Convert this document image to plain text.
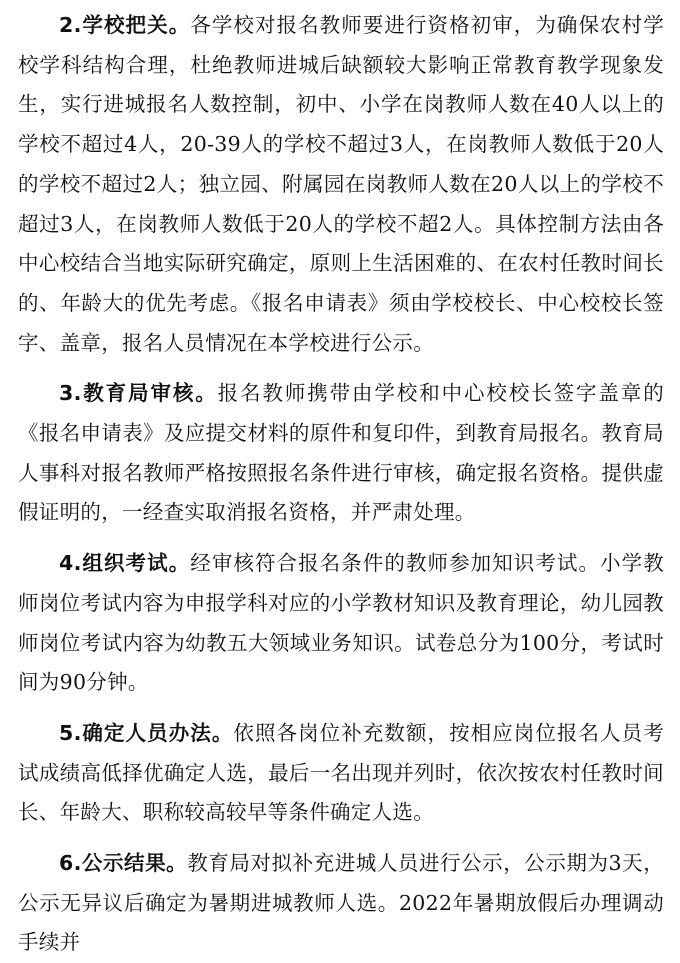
2.学校把关。各学校对报名教师要进行资格初审，为确保农村学校学科结构合理，杜绝教师进城后缺额较大影响正常教育教学现象发生，实行进城报名人数控制，初中、小学在岗教师人数在40人以上的学校不超过4人，20-39人的学校不超过3人，在岗教师人数低于20人的学校不超过2人；独立园、附属园在岗教师人数在20人以上的学校不超过3人，在岗教师人数低于20人的学校不超2人。具体控制方法由各中心校结合当地实际研究确定，原则上生活困难的、在农村任教时间长的、年龄大的优先考虑。《报名申请表》须由学校校长、中心校校长签字、盖章，报名人员情况在本学校进行公示。

3.教育局审核。报名教师携带由学校和中心校校长签字盖章的《报名申请表》及应提交材料的原件和复印件，到教育局报名。教育局人事科对报名教师严格按照报名条件进行审核，确定报名资格。提供虚假证明的，一经查实取消报名资格，并严肃处理。

4.组织考试。经审核符合报名条件的教师参加知识考试。小学教师岗位考试内容为申报学科对应的小学教材知识及教育理论，幼儿园教师岗位考试内容为幼教五大领域业务知识。试卷总分为100分，考试时间为90分钟。

5.确定人员办法。依照各岗位补充数额，按相应岗位报名人员考试成绩高低择优确定人选，最后一名出现并列时，依次按农村任教时间长、年龄大、职称较高较早等条件确定人选。

6.公示结果。教育局对拟补充进城人员进行公示，公示期为3天，公示无异议后确定为暑期进城教师人选。2022年暑期放假后办理调动手续并
